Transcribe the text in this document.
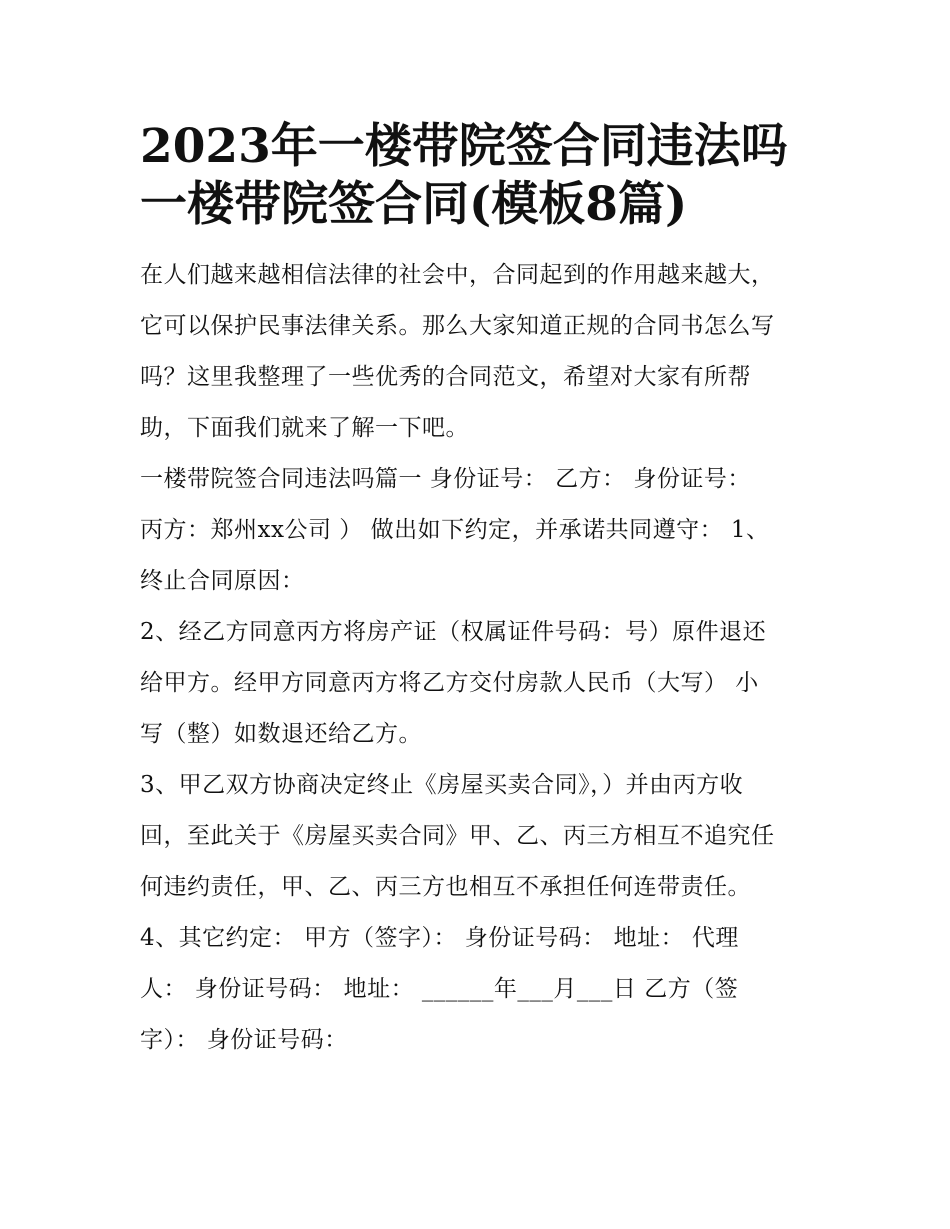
2023年一楼带院签合同违法吗
一楼带院签合同(模板8篇)
在人们越来越相信法律的社会中，合同起到的作用越来越大，
它可以保护民事法律关系。那么大家知道正规的合同书怎么写
吗？这里我整理了一些优秀的合同范文，希望对大家有所帮
助，下面我们就来了解一下吧。
一楼带院签合同违法吗篇一 身份证号： 乙方： 身份证号：
丙方：郑州xx公司 ） 做出如下约定，并承诺共同遵守： 1、
终止合同原因：
2、经乙方同意丙方将房产证（权属证件号码：号）原件退还
给甲方。经甲方同意丙方将乙方交付房款人民币（大写） 小
写（整）如数退还给乙方。
3、甲乙双方协商决定终止《房屋买卖合同》，）并由丙方收
回，至此关于《房屋买卖合同》甲、乙、丙三方相互不追究任
何违约责任，甲、乙、丙三方也相互不承担任何连带责任。
4、其它约定： 甲方（签字）： 身份证号码： 地址： 代理
人： 身份证号码： 地址： ______年___月___日 乙方（签
字）： 身份证号码：
